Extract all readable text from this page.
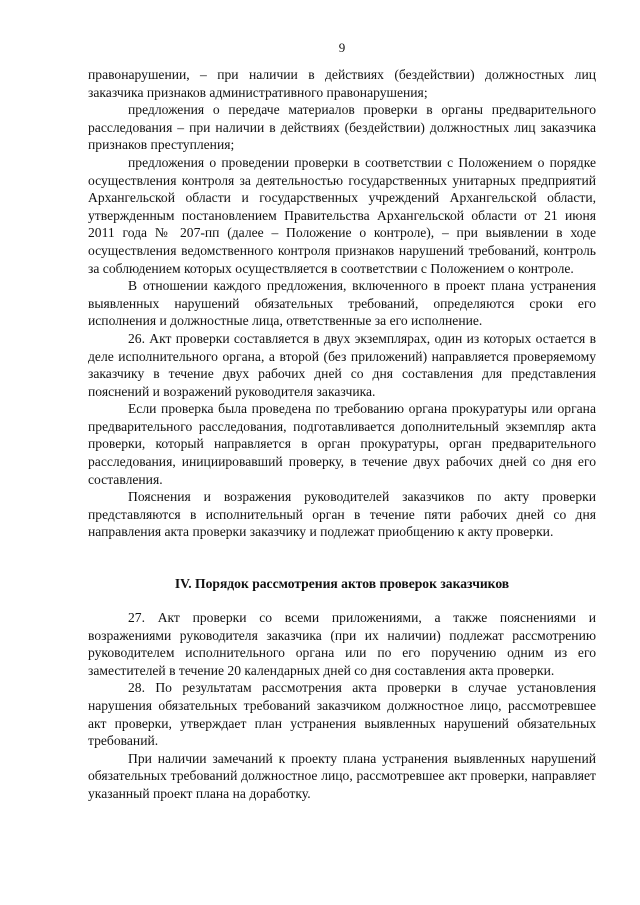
9

правонарушении, – при наличии в действиях (бездействии) должностных лиц заказчика признаков административного правонарушения;

предложения о передаче материалов проверки в органы предварительного расследования – при наличии в действиях (бездействии) должностных лиц заказчика признаков преступления;

предложения о проведении проверки в соответствии с Положением о порядке осуществления контроля за деятельностью государственных унитарных предприятий Архангельской области и государственных учреждений Архангельской области, утвержденным постановлением Правительства Архангельской области от 21 июня 2011 года № 207-пп (далее – Положение о контроле), – при выявлении в ходе осуществления ведомственного контроля признаков нарушений требований, контроль за соблюдением которых осуществляется в соответствии с Положением о контроле.

В отношении каждого предложения, включенного в проект плана устранения выявленных нарушений обязательных требований, определяются сроки его исполнения и должностные лица, ответственные за его исполнение.

26. Акт проверки составляется в двух экземплярах, один из которых остается в деле исполнительного органа, а второй (без приложений) направляется проверяемому заказчику в течение двух рабочих дней со дня составления для представления пояснений и возражений руководителя заказчика.

Если проверка была проведена по требованию органа прокуратуры или органа предварительного расследования, подготавливается дополнительный экземпляр акта проверки, который направляется в орган прокуратуры, орган предварительного расследования, инициировавший проверку, в течение двух рабочих дней со дня его составления.

Пояснения и возражения руководителей заказчиков по акту проверки представляются в исполнительный орган в течение пяти рабочих дней со дня направления акта проверки заказчику и подлежат приобщению к акту проверки.

IV. Порядок рассмотрения актов проверок заказчиков

27. Акт проверки со всеми приложениями, а также пояснениями и возражениями руководителя заказчика (при их наличии) подлежат рассмотрению руководителем исполнительного органа или по его поручению одним из его заместителей в течение 20 календарных дней со дня составления акта проверки.

28. По результатам рассмотрения акта проверки в случае установления нарушения обязательных требований заказчиком должностное лицо, рассмотревшее акт проверки, утверждает план устранения выявленных нарушений обязательных требований.

При наличии замечаний к проекту плана устранения выявленных нарушений обязательных требований должностное лицо, рассмотревшее акт проверки, направляет указанный проект плана на доработку.
